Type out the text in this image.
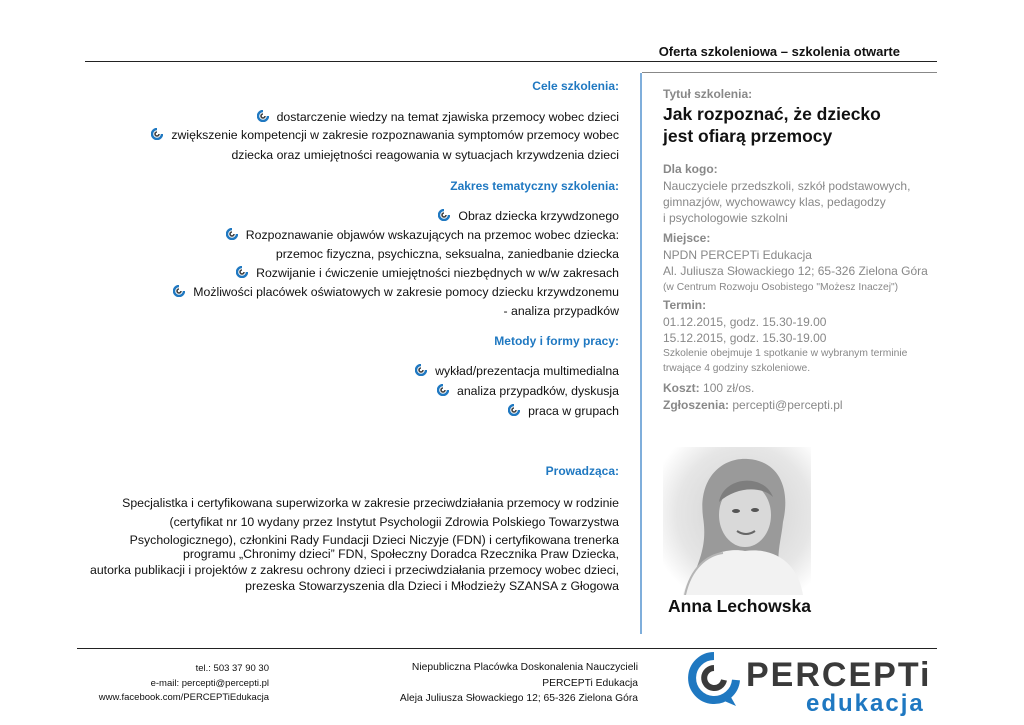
Oferta szkoleniowa – szkolenia otwarte
Cele szkolenia:
dostarczenie wiedzy na temat zjawiska przemocy wobec dzieci
zwiększenie kompetencji w zakresie rozpoznawania symptomów przemocy wobec
dziecka oraz umiejętności reagowania w sytuacjach krzywdzenia dzieci
Zakres tematyczny szkolenia:
Obraz dziecka krzywdzonego
Rozpoznawanie objawów wskazujących na przemoc wobec dziecka:
przemoc fizyczna, psychiczna, seksualna, zaniedbanie dziecka
Rozwijanie i ćwiczenie umiejętności niezbędnych w w/w zakresach
Możliwości placówek oświatowych w zakresie pomocy dziecku krzywdzonemu
- analiza przypadków
Metody i formy pracy:
wykład/prezentacja multimedialna
analiza przypadków, dyskusja
praca w grupach
Prowadząca:
Specjalistka i certyfikowana superwizorka w zakresie przeciwdziałania przemocy w rodzinie
(certyfikat nr 10 wydany przez Instytut Psychologii Zdrowia Polskiego Towarzystwa
Psychologicznego), członkini Rady Fundacji Dzieci Niczyje (FDN) i certyfikowana trenerka
programu „Chronimy dzieci” FDN, Społeczny Doradca Rzecznika Praw Dziecka,
autorka publikacji i projektów z zakresu ochrony dzieci i przeciwdziałania przemocy wobec dzieci,
prezeska Stowarzyszenia dla Dzieci i Młodzieży SZANSA z Głogowa
Tytuł szkolenia:
Jak rozpoznać, że dziecko
jest ofiarą przemocy
Dla kogo:
Nauczyciele przedszkoli, szkół podstawowych,
gimnazjów, wychowawcy klas, pedagodzy
i psychologowie szkolni
Miejsce:
NPDN PERCEPTi Edukacja
Al. Juliusza Słowackiego 12; 65-326 Zielona Góra
(w Centrum Rozwoju Osobistego "Możesz Inaczej")
Termin:
01.12.2015, godz. 15.30-19.00
15.12.2015, godz. 15.30-19.00
Szkolenie obejmuje 1 spotkanie w wybranym terminie
trwające 4 godziny szkoleniowe.
Koszt: 100 zł/os.
Zgłoszenia: percepti@percepti.pl
Anna Lechowska
tel.: 503 37 90 30
e-mail: percepti@percepti.pl
www.facebook.com/PERCEPTiEdukacja
Niepubliczna Placówka Doskonalenia Nauczycieli
PERCEPTi Edukacja
Aleja Juliusza Słowackiego 12; 65-326 Zielona Góra
PERCEPTi
edukacja
